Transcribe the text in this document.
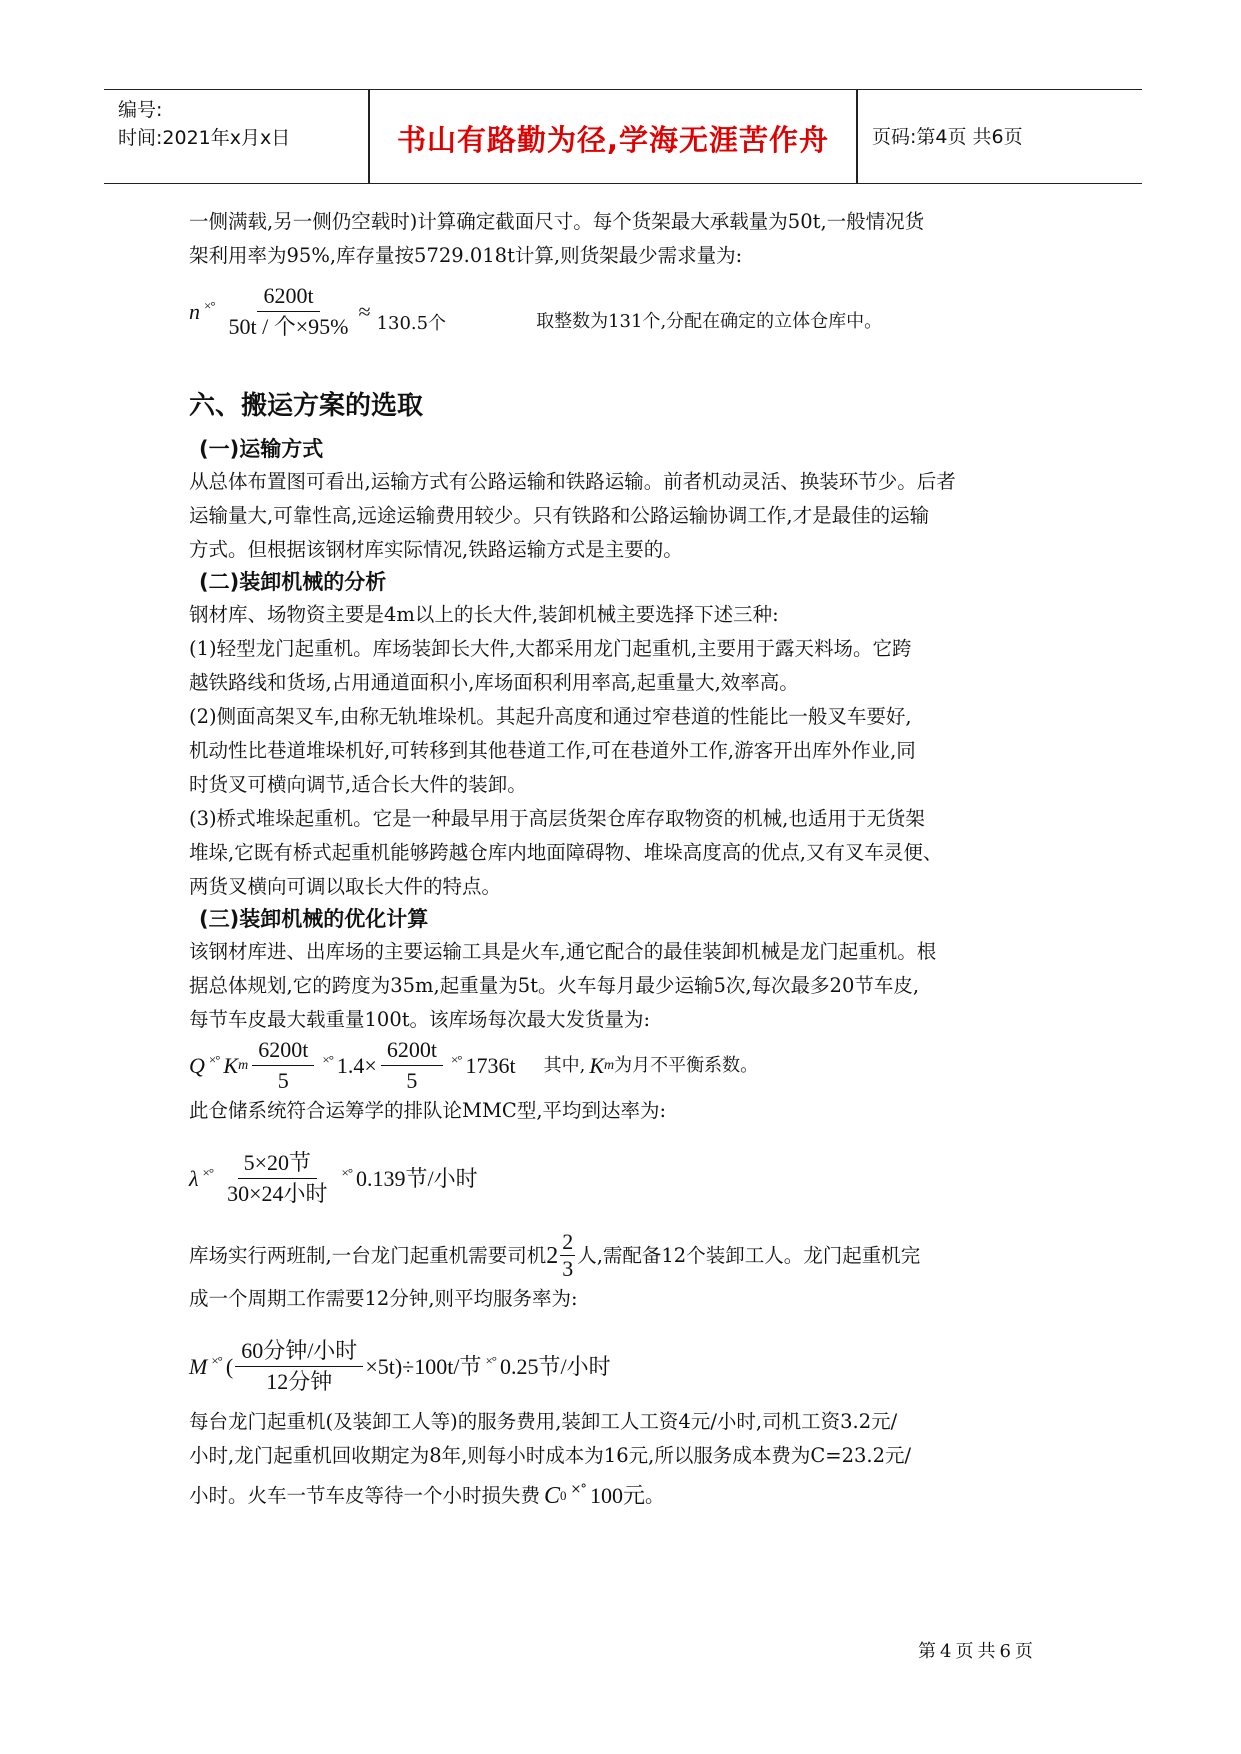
编号:
时间:2021年x月x日	书山有路勤为径,学海无涯苦作舟	页码:第4页 共6页

一侧满载,另一侧仍空载时)计算确定截面尺寸。每个货架最大承载量为50t,一般情况货

架利用率为95%,库存量按5729.018t计算,则货架最少需求量为:

n ×° $\frac{6200t}{\text{50t / 个×95\%}} \approx 130.5$个	取整数为131个,分配在确定的立体仓库中。
六、搬运方案的选取
(一)运输方式

从总体布置图可看出,运输方式有公路运输和铁路运输。前者机动灵活、换装环节少。后者

运输量大,可靠性高,远途运输费用较少。只有铁路和公路运输协调工作,才是最佳的运输

方式。但根据该钢材库实际情况,铁路运输方式是主要的。

(二)装卸机械的分析

钢材库、场物资主要是4m以上的长大件,装卸机械主要选择下述三种:

(1)轻型龙门起重机。库场装卸长大件,大都采用龙门起重机,主要用于露天料场。它跨

越铁路线和货场,占用通道面积小,库场面积利用率高,起重量大,效率高。

(2)侧面高架叉车,由称无轨堆垛机。其起升高度和通过窄巷道的性能比一般叉车要好,

机动性比巷道堆垛机好,可转移到其他巷道工作,可在巷道外工作,游客开出库外作业,同

时货叉可横向调节,适合长大件的装卸。

(3)桥式堆垛起重机。它是一种最早用于高层货架仓库存取物资的机械,也适用于无货架

堆垛,它既有桥式起重机能够跨越仓库内地面障碍物、堆垛高度高的优点,又有叉车灵便、

两货叉横向可调以取长大件的特点。

(三)装卸机械的优化计算

该钢材库进、出库场的主要运输工具是火车,通它配合的最佳装卸机械是龙门起重机。根

据总体规划,它的跨度为35m,起重量为5t。火车每月最少运输5次,每次最多20节车皮,

每节车皮最大载重量100t。该库场每次最大发货量为:

Q ×° K m $\frac{6200t}{5}$ ×° $1.4\times \frac{6200t}{5}$ ×° 1736t 其中, K m 为月不平衡系数。

此仓储系统符合运筹学的排队论MMC型,平均到达率为:

λ ×° $\frac{\text{5×20节}}{\text{30×24小时}}$ ×° 0.139节/小时
库场实行两班制,一台龙门起重机需要司机 $2 \frac{2}{3}$ 人,需配备12个装卸工人。龙门起重机完

成一个周期工作需要12分钟,则平均服务率为:

M ×° ( $\frac{\text{60分钟/小时}}{\text{12分钟}} \times 5t)\div 100t/$节 ×° 0.25节/小时

每台龙门起重机(及装卸工人等)的服务费用,装卸工人工资4元/小时,司机工资3.2元/

小时,龙门起重机回收期定为8年,则每小时成本为16元,所以服务成本费为C=23.2元/

小时。火车一节车皮等待一个小时损失费 C 0 ×° 100元 。
第4页共6页
